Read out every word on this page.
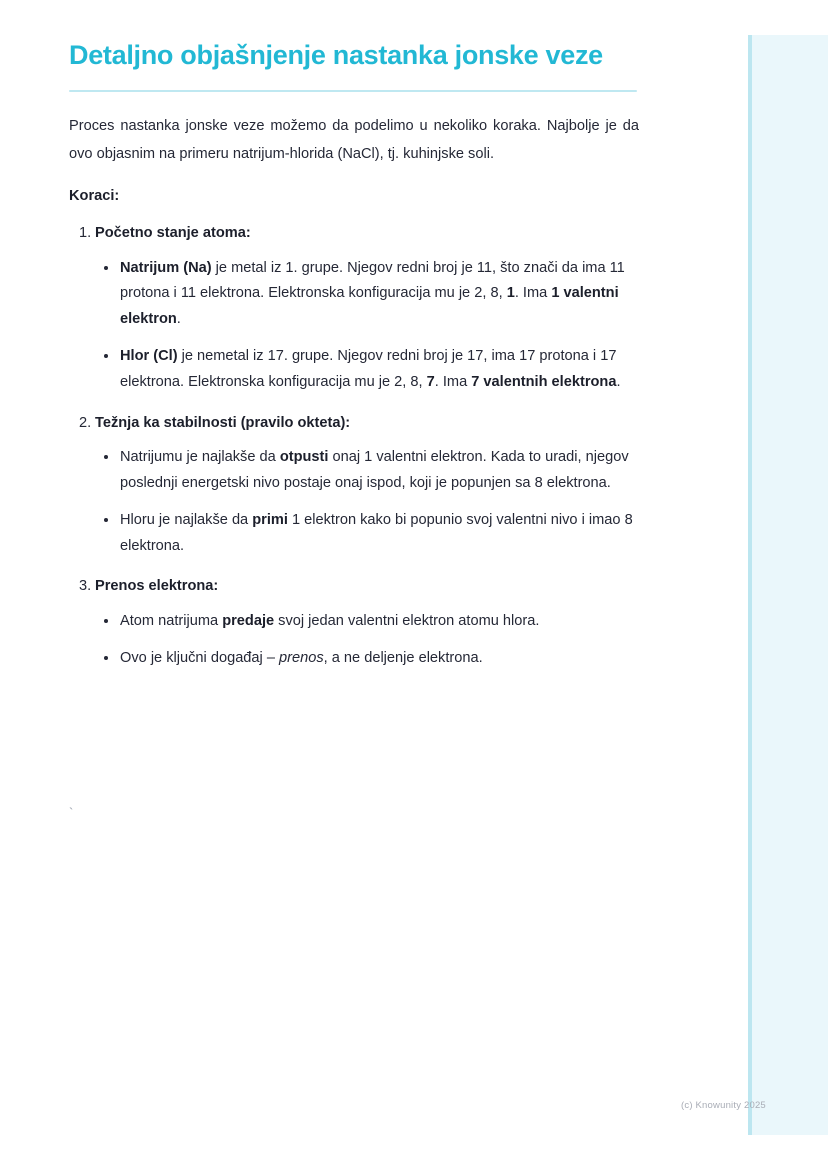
Detaljno objašnjenje nastanka jonske veze

Proces nastanka jonske veze možemo da podelimo u nekoliko koraka. Najbolje je da ovo objasnim na primeru natrijum-hlorida (NaCl), tj. kuhinjske soli.

Koraci:

1. Početno stanje atoma:
Natrijum (Na) je metal iz 1. grupe. Njegov redni broj je 11, što znači da ima 11 protona i 11 elektrona. Elektronska konfiguracija mu je 2, 8, 1. Ima 1 valentni elektron.
Hlor (Cl) je nemetal iz 17. grupe. Njegov redni broj je 17, ima 17 protona i 17 elektrona. Elektronska konfiguracija mu je 2, 8, 7. Ima 7 valentnih elektrona.
2. Težnja ka stabilnosti (pravilo okteta):
Natrijumu je najlakše da otpusti onaj 1 valentni elektron. Kada to uradi, njegov poslednji energetski nivo postaje onaj ispod, koji je popunjen sa 8 elektrona.
Hloru je najlakše da primi 1 elektron kako bi popunio svoj valentni nivo i imao 8 elektrona.
3. Prenos elektrona:
Atom natrijuma predaje svoj jedan valentni elektron atomu hlora.
Ovo je ključni događaj – prenos, a ne deljenje elektrona.
`
(c) Knowunity 2025
